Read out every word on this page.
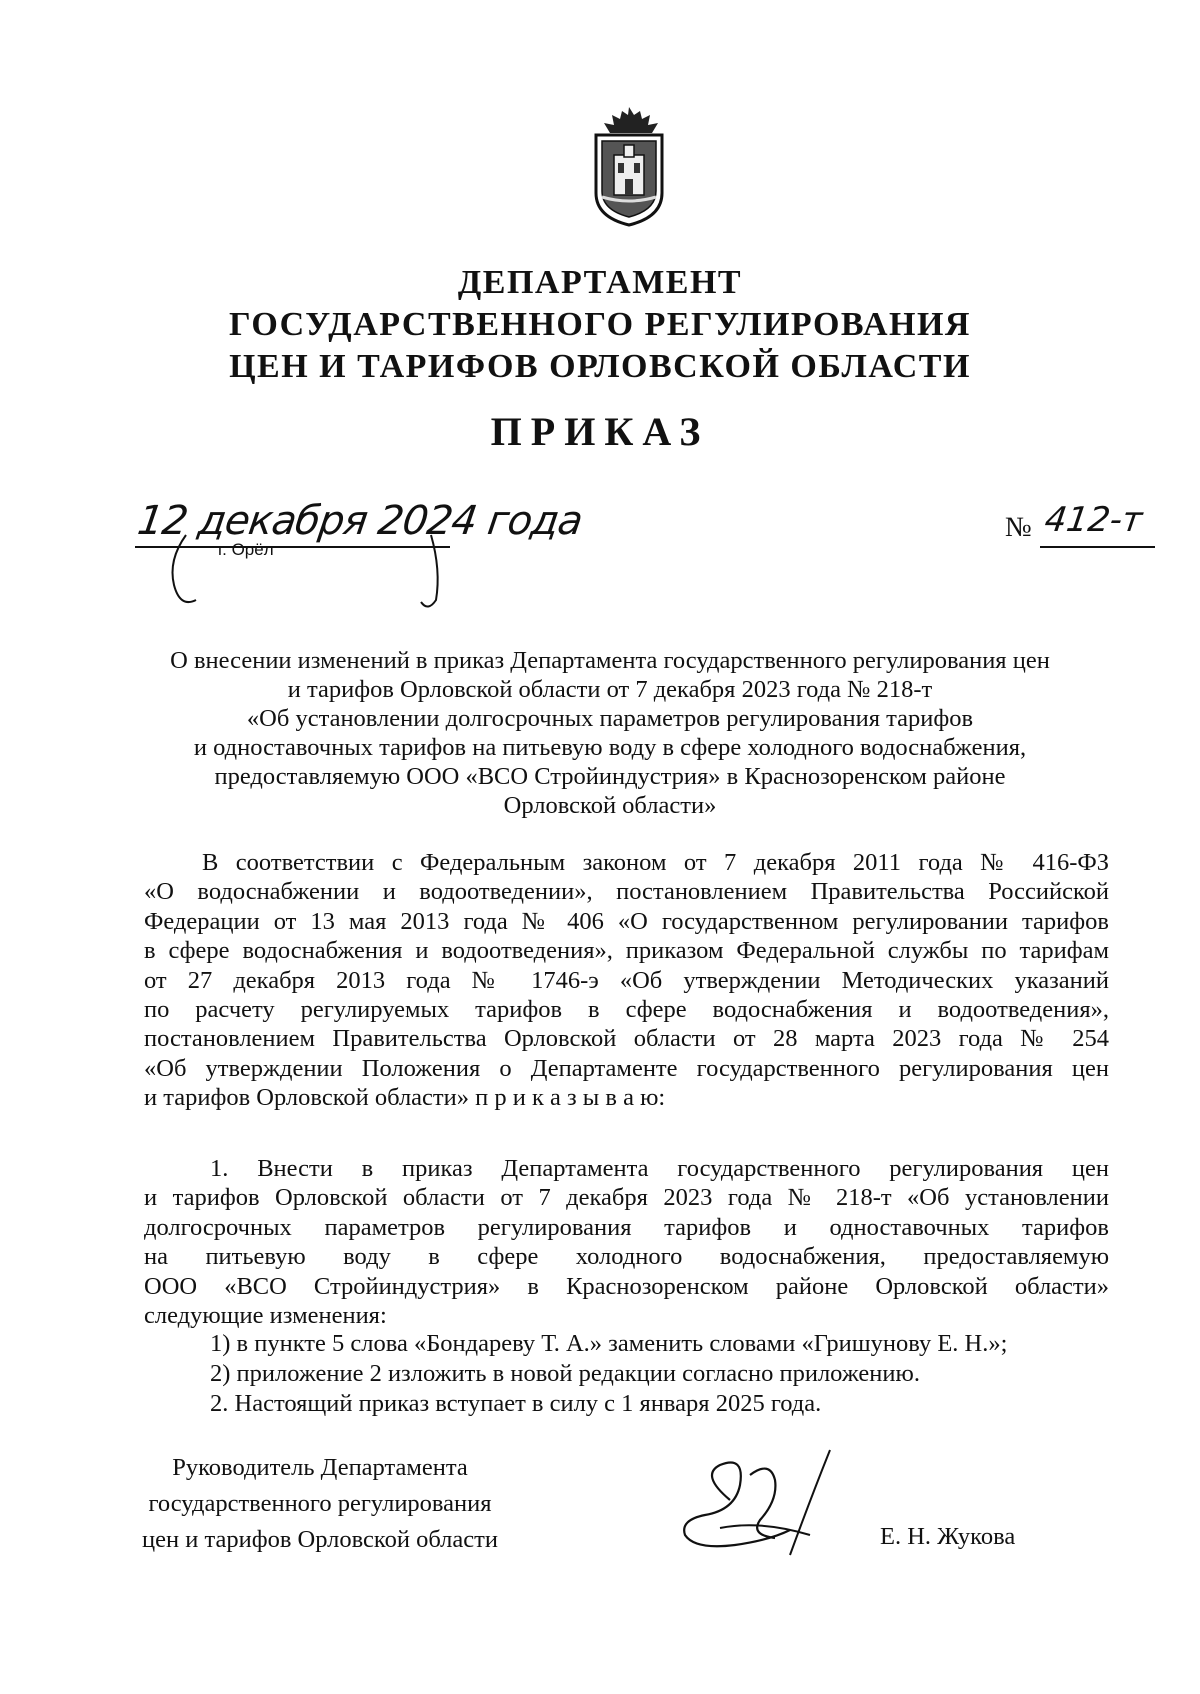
ДЕПАРТАМЕНТ
ГОСУДАРСТВЕННОГО РЕГУЛИРОВАНИЯ
ЦЕН И ТАРИФОВ ОРЛОВСКОЙ ОБЛАСТИ
ПРИКАЗ
12 декабря 2024 года
г. Орёл
№ 412-т
О внесении изменений в приказ Департамента государственного регулирования цен
и тарифов Орловской области от 7 декабря 2023 года № 218-т
«Об установлении долгосрочных параметров регулирования тарифов
и одноставочных тарифов на питьевую воду в сфере холодного водоснабжения,
предоставляемую ООО «ВСО Стройиндустрия» в Краснозоренском районе
Орловской области»
В соответствии с Федеральным законом от 7 декабря 2011 года № 416-ФЗ
«О водоснабжении и водоотведении», постановлением Правительства Российской
Федерации от 13 мая 2013 года № 406 «О государственном регулировании тарифов
в сфере водоснабжения и водоотведения», приказом Федеральной службы по тарифам
от 27 декабря 2013 года № 1746-э «Об утверждении Методических указаний
по расчету регулируемых тарифов в сфере водоснабжения и водоотведения»,
постановлением Правительства Орловской области от 28 марта 2023 года № 254
«Об утверждении Положения о Департаменте государственного регулирования цен
и тарифов Орловской области» п р и к а з ы в а ю:
1. Внести в приказ Департамента государственного регулирования цен
и тарифов Орловской области от 7 декабря 2023 года № 218-т «Об установлении
долгосрочных параметров регулирования тарифов и одноставочных тарифов
на питьевую воду в сфере холодного водоснабжения, предоставляемую
ООО «ВСО Стройиндустрия» в Краснозоренском районе Орловской области»
следующие изменения:
1) в пункте 5 слова «Бондареву Т. А.» заменить словами «Гришунову Е. Н.»;
2) приложение 2 изложить в новой редакции согласно приложению.
2. Настоящий приказ вступает в силу с 1 января 2025 года.
Руководитель Департамента
государственного регулирования
цен и тарифов Орловской области	Е. Н. Жукова
